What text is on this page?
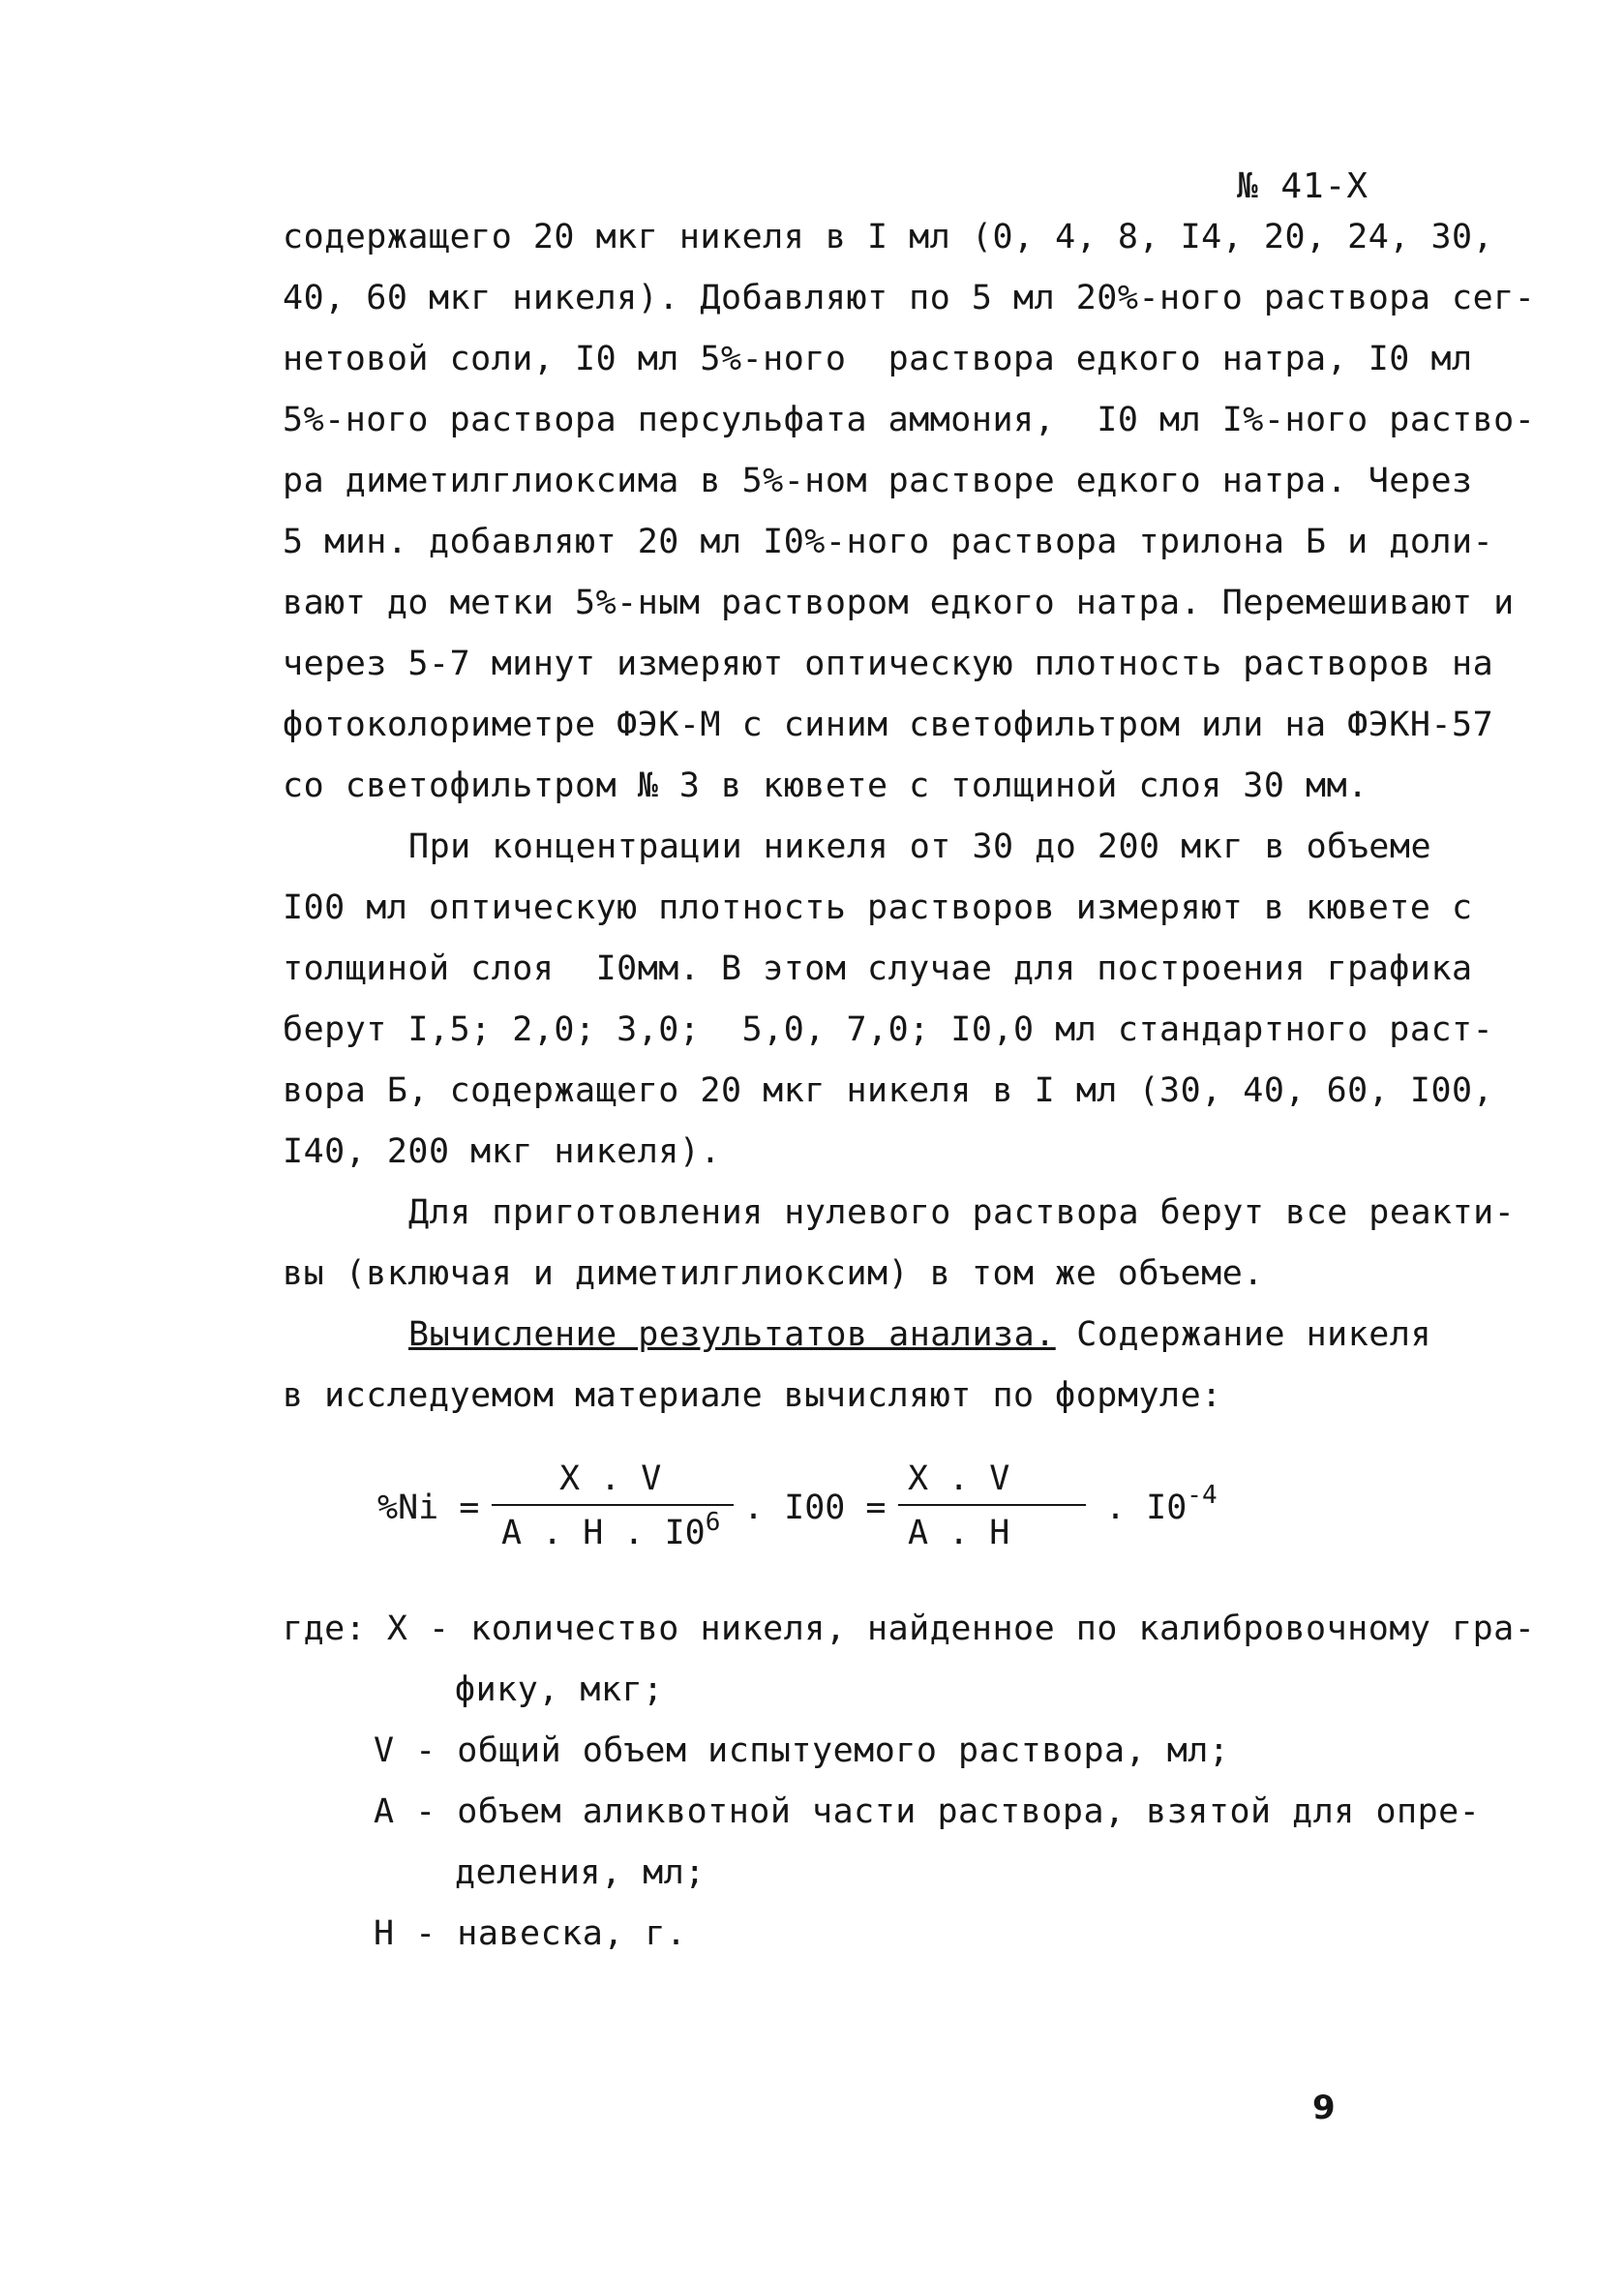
№ 41-Х
содержащего 20 мкг никеля в I мл (0, 4, 8, I4, 20, 24, 30,
40, 60 мкг никеля). Добавляют по 5 мл 20%-ного раствора сег-
нетовой соли, I0 мл 5%-ного  раствора едкого натра, I0 мл
5%-ного раствора персульфата аммония,  I0 мл I%-ного раство-
ра диметилглиоксима в 5%-ном растворе едкого натра. Через
5 мин. добавляют 20 мл I0%-ного раствора трилона Б и доли-
вают до метки 5%-ным раствором едкого натра. Перемешивают и
через 5-7 минут измеряют оптическую плотность растворов на
фотоколориметре ФЭК-М с синим светофильтром или на ФЭКН-57
со светофильтром № 3 в кювете с толщиной слоя 30 мм.
При концентрации никеля от 30 до 200 мкг в объеме
I00 мл оптическую плотность растворов измеряют в кювете с
толщиной слоя  I0мм. В этом случае для построения графика
берут I,5; 2,0; 3,0;  5,0, 7,0; I0,0 мл стандартного раст-
вора Б, содержащего 20 мкг никеля в I мл (30, 40, 60, I00,
I40, 200 мкг никеля).
Для приготовления нулевого раствора берут все реакти-
вы (включая и диметилглиоксим) в том же объеме.
Вычисление результатов анализа. Содержание никеля
в исследуемом материале вычисляют по формуле:
%Ni =
X . V
A . H . $I0^6$ . I00 =
X . V
A . H
. $I0^{-4}$
где: X - количество никеля, найденное по калибровочному гра-
фику, мкг;
V - общий объем испытуемого раствора, мл;
A - объем аликвотной части раствора, взятой для опре-
деления, мл;
H - навеска, г.
9
